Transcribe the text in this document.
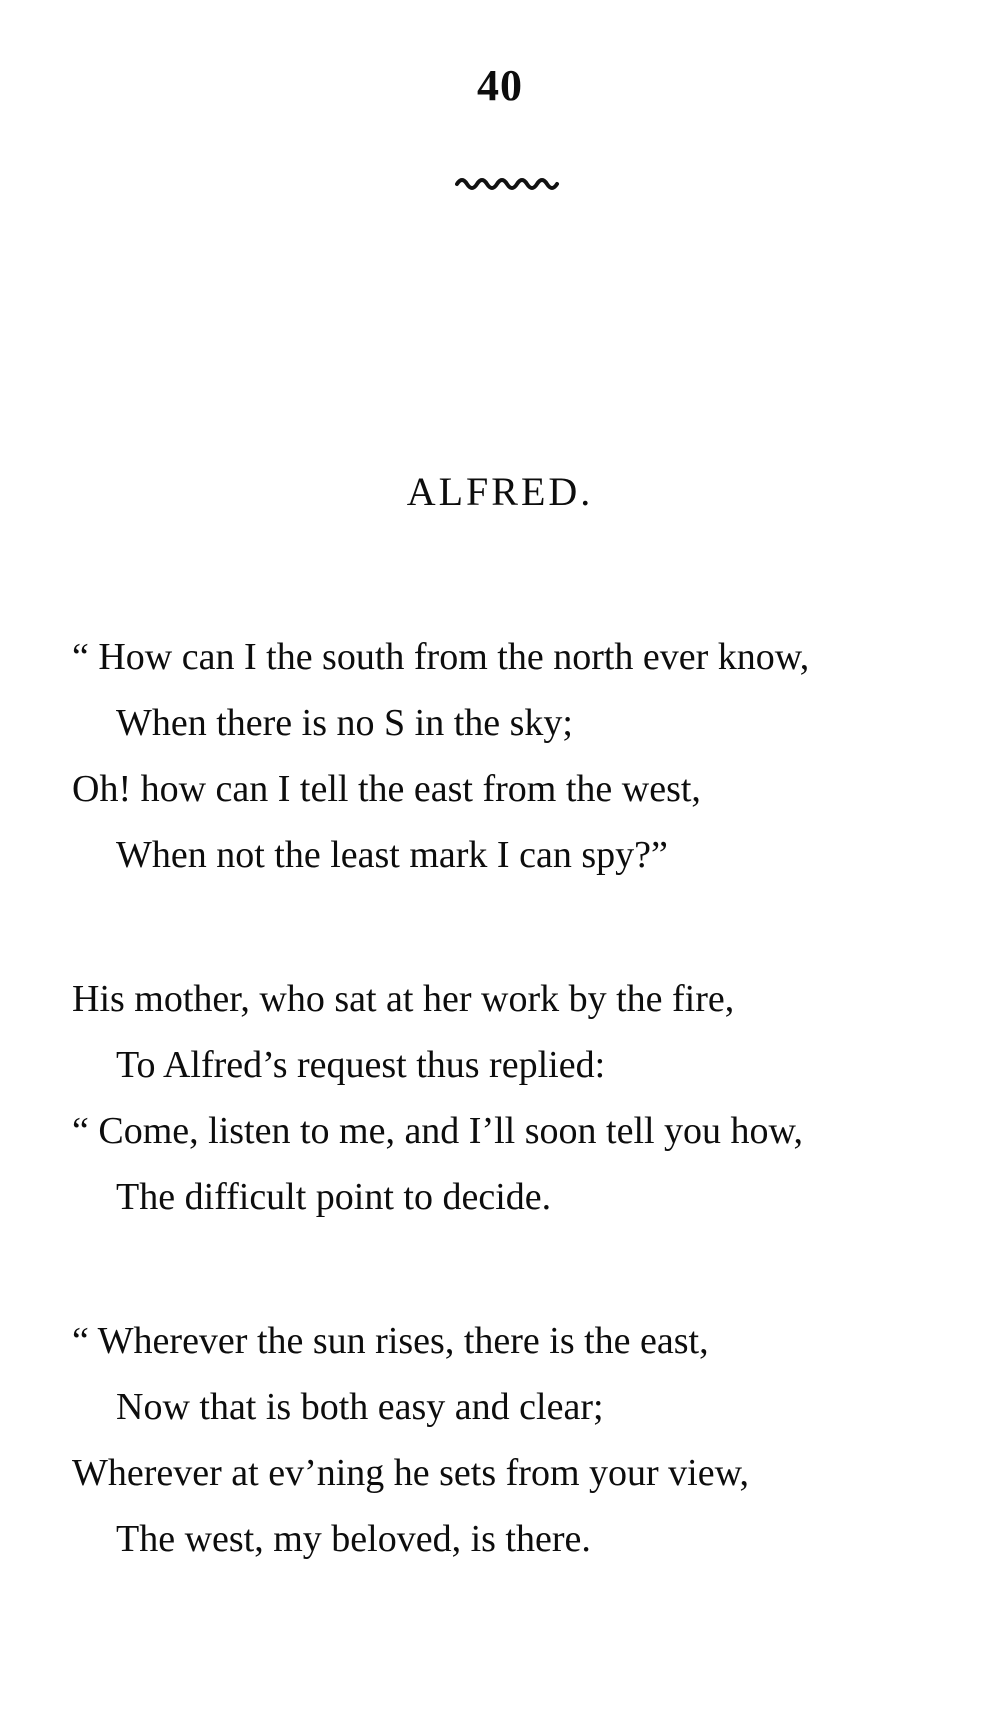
40
ALFRED.
“ How can I the south from the north ever know,
When there is no S in the sky;
Oh! how can I tell the east from the west,
When not the least mark I can spy?”
His mother, who sat at her work by the fire,
To Alfred’s request thus replied:
“ Come, listen to me, and I’ll soon tell you how,
The difficult point to decide.
“ Wherever the sun rises, there is the east,
Now that is both easy and clear;
Wherever at ev’ning he sets from your view,
The west, my beloved, is there.
